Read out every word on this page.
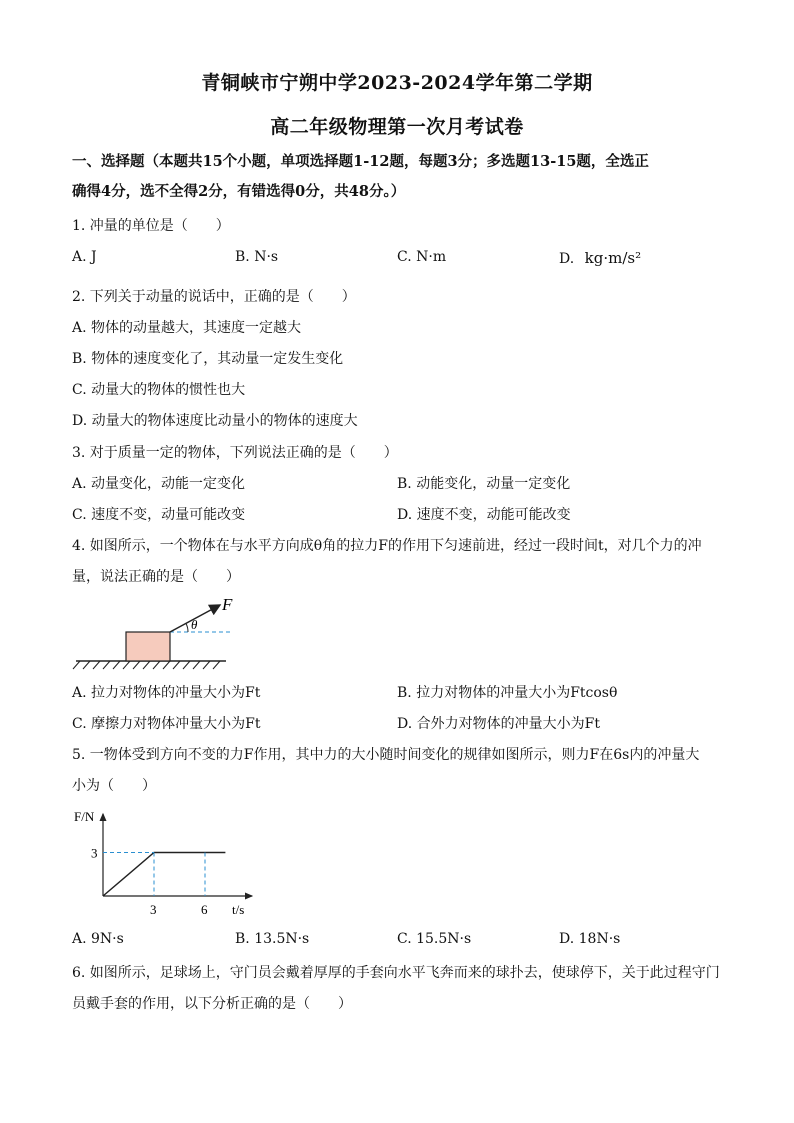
青铜峡市宁朔中学2023-2024学年第二学期
高二年级物理第一次月考试卷
一、选择题（本题共15个小题，单项选择题1-12题，每题3分；多选题13-15题，全选正
确得4分，选不全得2分，有错选得0分，共48分。）
1. 冲量的单位是（　　）
A. J	B. N·s	C. N·m	D. kg·m/s²
2. 下列关于动量的说话中，正确的是（　　）
A. 物体的动量越大，其速度一定越大
B. 物体的速度变化了，其动量一定发生变化
C. 动量大的物体的惯性也大
D. 动量大的物体速度比动量小的物体的速度大
3. 对于质量一定的物体，下列说法正确的是（　　）
A. 动量变化，动能一定变化	B. 动能变化，动量一定变化
C. 速度不变，动量可能改变	D. 速度不变，动能可能改变
4. 如图所示，一个物体在与水平方向成θ角的拉力F的作用下匀速前进，经过一段时间t，对几个力的冲
量，说法正确的是（　　）
F
θ
A. 拉力对物体的冲量大小为Ft	B. 拉力对物体的冲量大小为Ftcosθ
C. 摩擦力对物体冲量大小为Ft	D. 合外力对物体的冲量大小为Ft
5. 一物体受到方向不变的力F作用，其中力的大小随时间变化的规律如图所示，则力F在6s内的冲量大
小为（　　）
F/N
t/s
3	6
3
A. 9N·s	B. 13.5N·s	C. 15.5N·s	D. 18N·s
6. 如图所示，足球场上，守门员会戴着厚厚的手套向水平飞奔而来的球扑去，使球停下，关于此过程守门
员戴手套的作用，以下分析正确的是（　　）
